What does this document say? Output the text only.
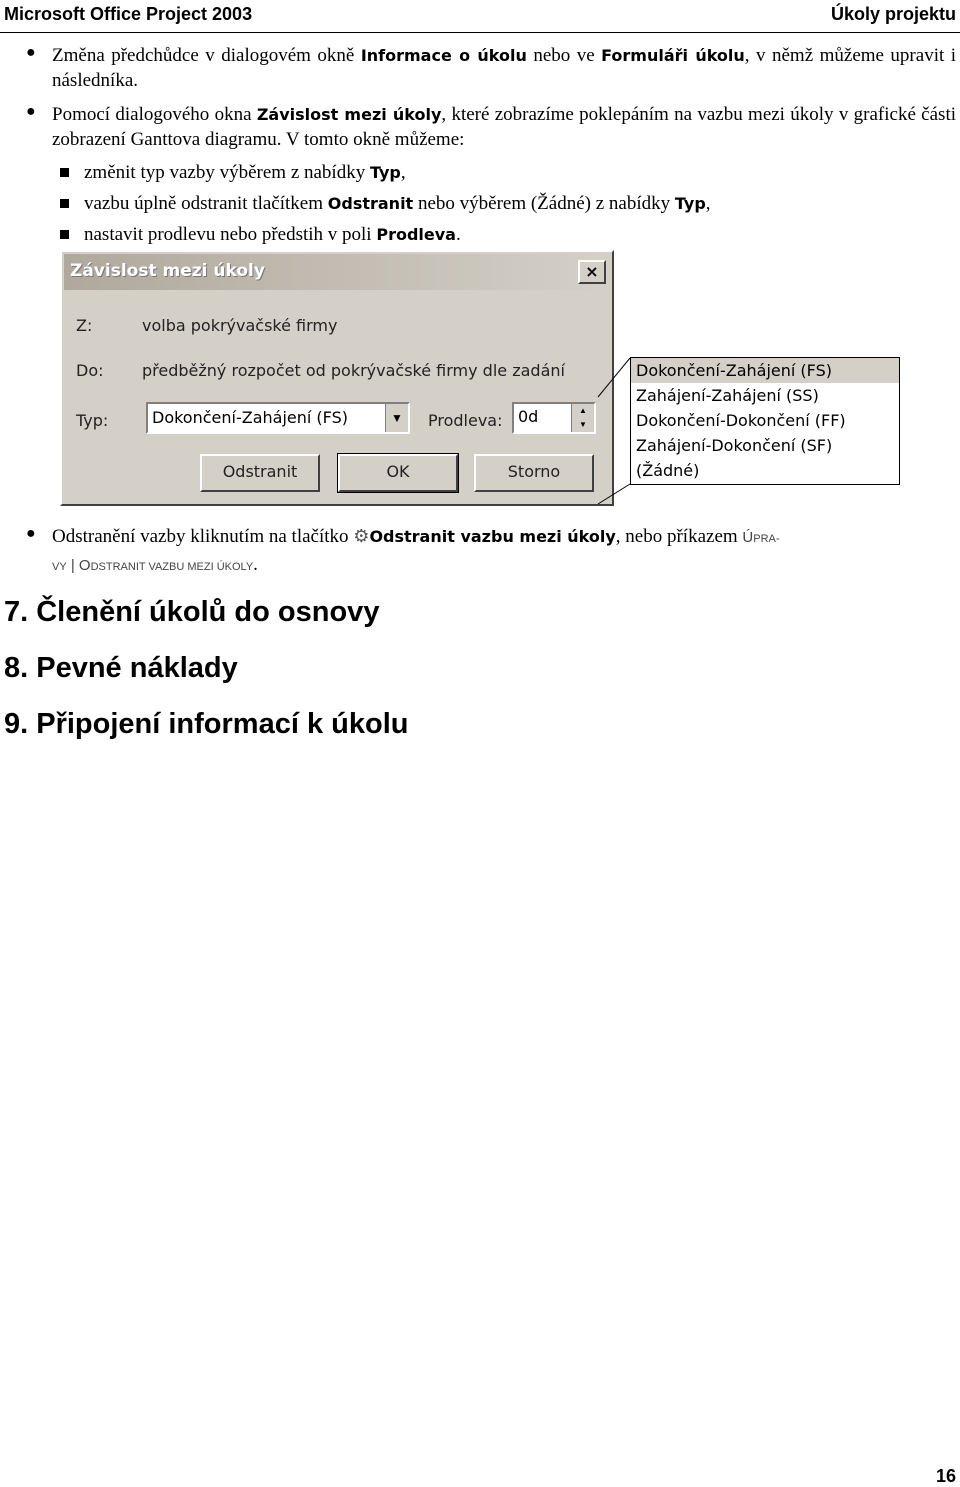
Microsoft Office Project 2003	Úkoly projektu
● Změna předchůdce v dialogovém okně Informace o úkolu nebo ve Formuláři úkolu, v němž můžeme upravit i následníka.
● Pomocí dialogového okna Závislost mezi úkoly, které zobrazíme poklepáním na vazbu mezi úkoly v grafické části zobrazení Ganttova diagramu. V tomto okně můžeme:
změnit typ vazby výběrem z nabídky Typ,
vazbu úplně odstranit tlačítkem Odstranit nebo výběrem (Žádné) z nabídky Typ,
nastavit prodlevu nebo předstih v poli Prodleva.
Závislost mezi úkoly	×
Z:	volba pokrývačské firmy
Do: předběžný rozpočet od pokrývačské firmy dle zadání
Typ:	Dokončení-Zahájení (FS)	▼	Prodleva: 0d	▲
▼
Odstranit	OK	Storno
Dokončení-Zahájení (FS)
Zahájení-Zahájení (SS)
Dokončení-Dokončení (FF)
Zahájení-Dokončení (SF)
(Žádné)
● Odstranění vazby kliknutím na tlačítko ⚙Odstranit vazbu mezi úkoly, nebo příkazem ÚPRA-
VY | ODSTRANIT VAZBU MEZI ÚKOLY.
7. Členění úkolů do osnovy
8. Pevné náklady
9. Připojení informací k úkolu
16
